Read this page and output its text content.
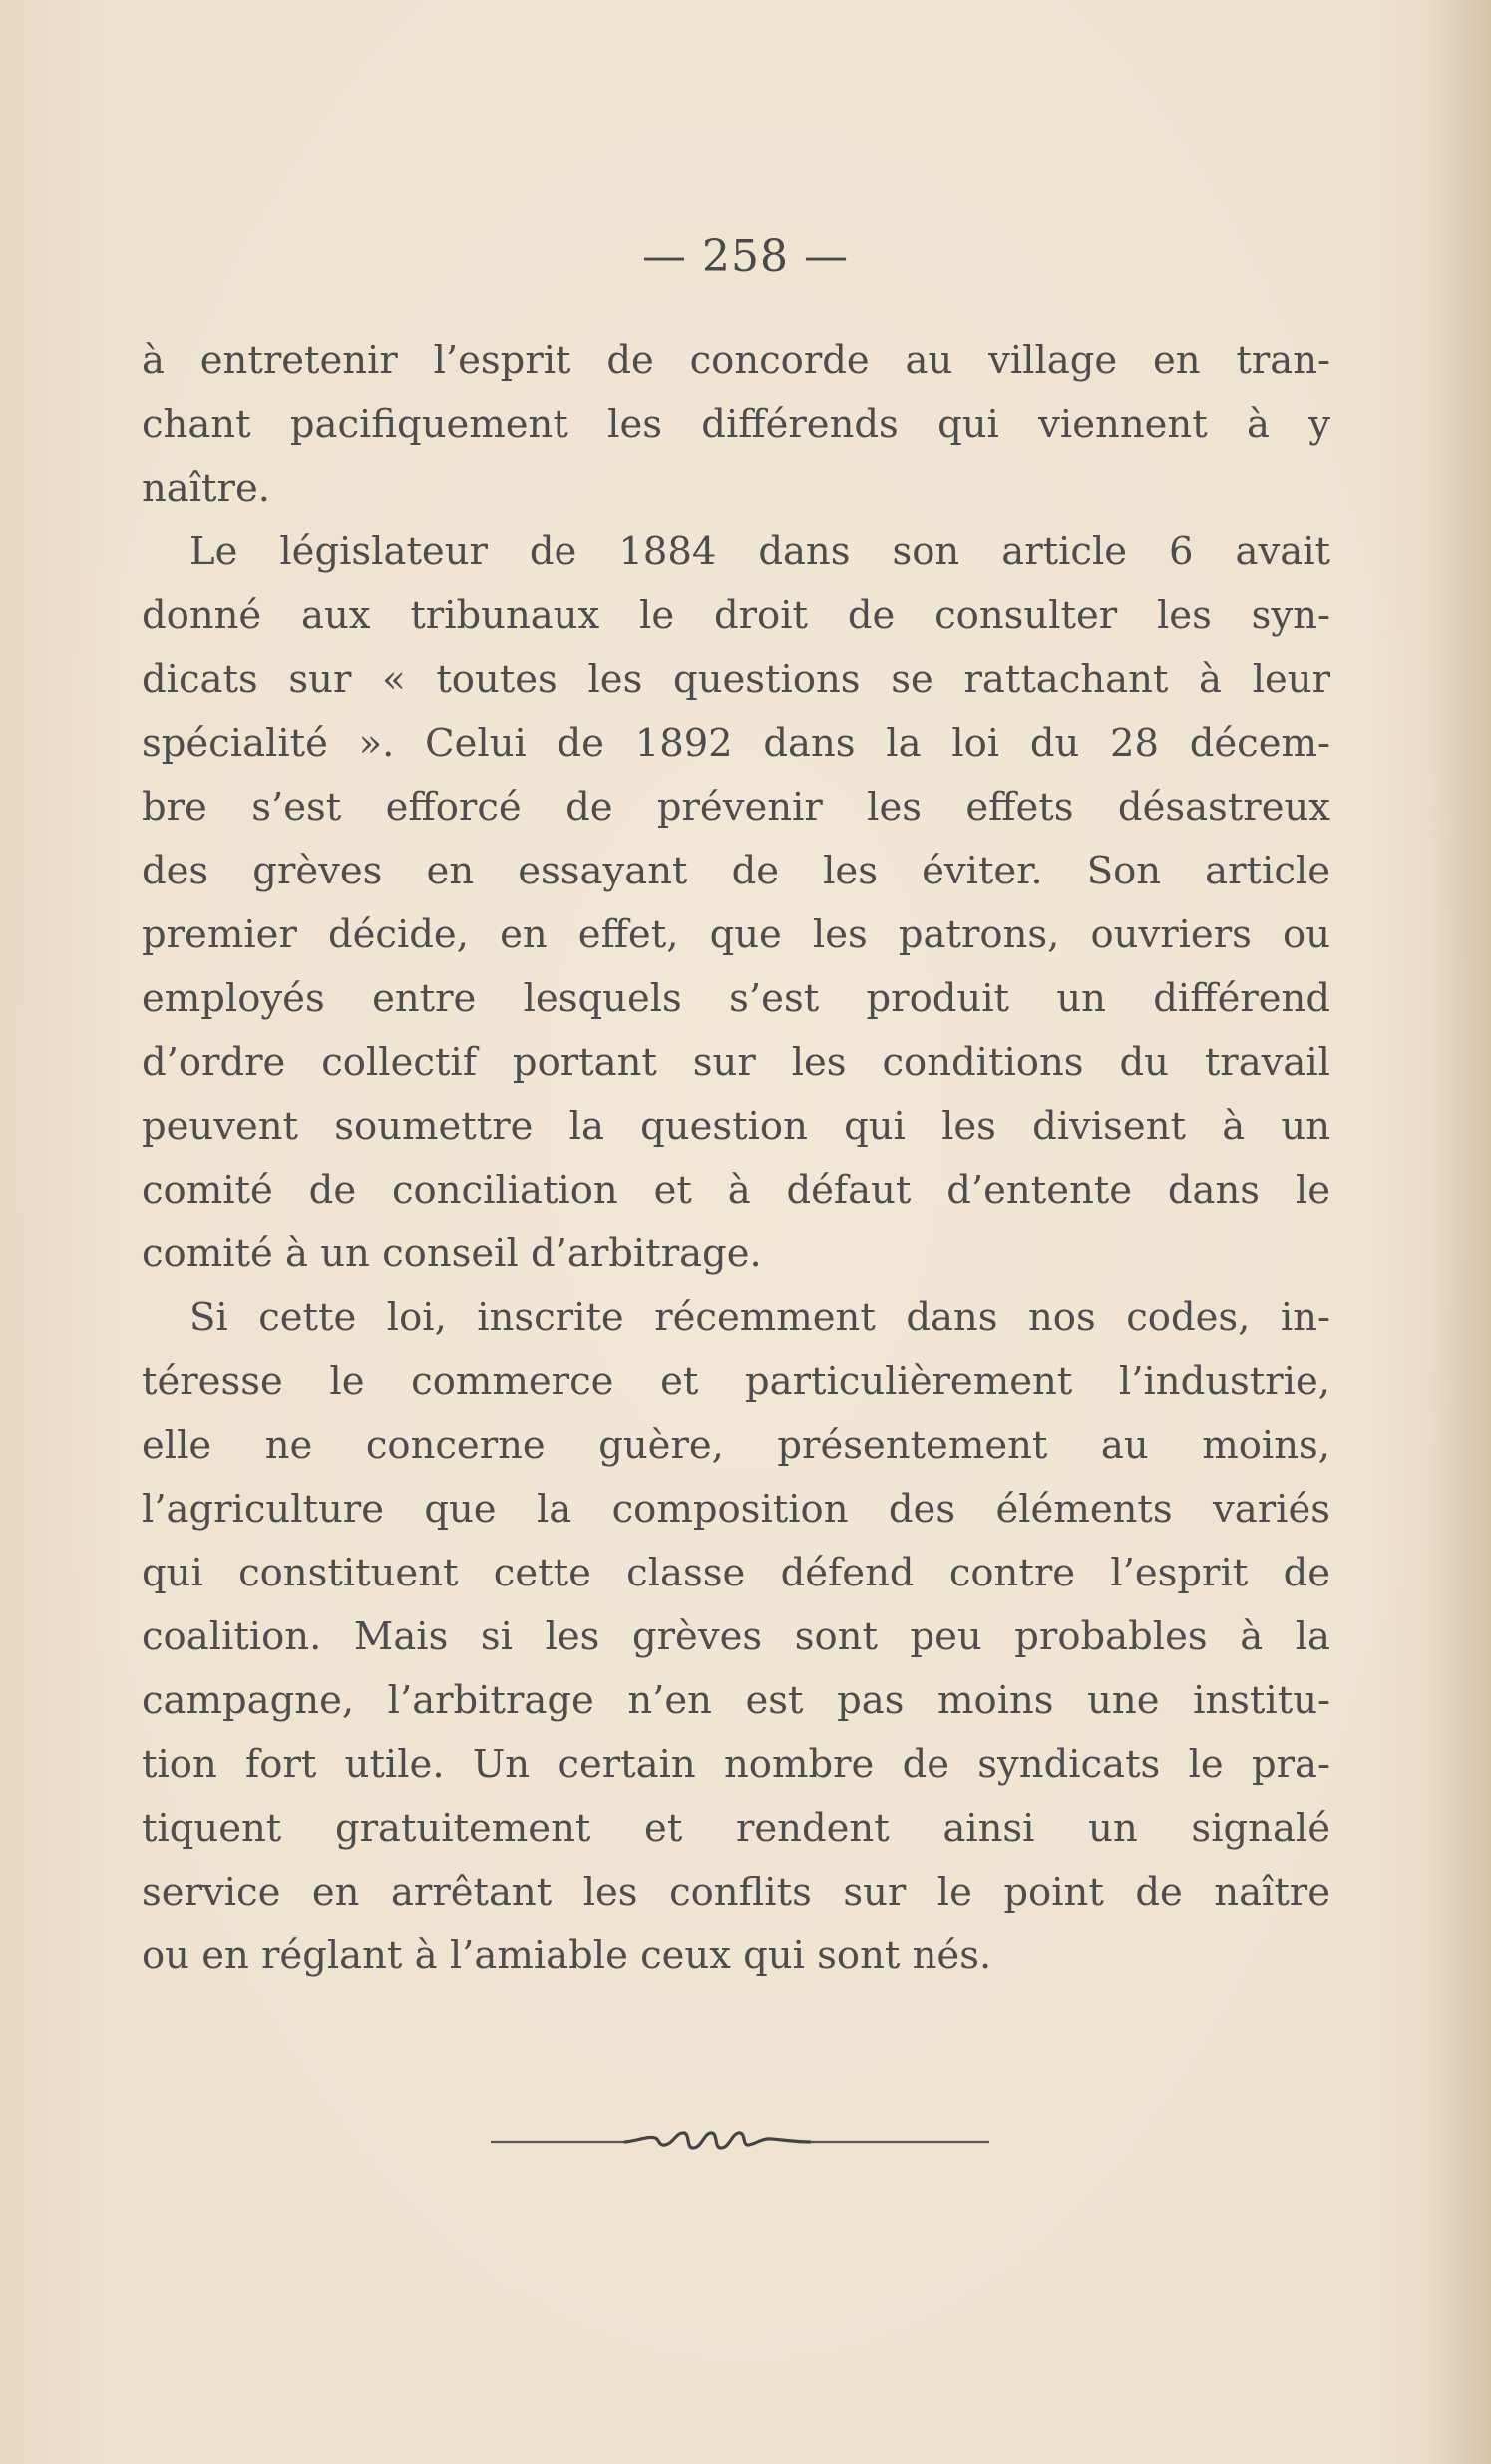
— 258 —
à entretenir l’esprit de concorde au village en tran-
chant pacifiquement les différends qui viennent à y
naître.
Le législateur de 1884 dans son article 6 avait
donné aux tribunaux le droit de consulter les syn-
dicats sur « toutes les questions se rattachant à leur
spécialité ». Celui de 1892 dans la loi du 28 décem-
bre s’est efforcé de prévenir les effets désastreux
des grèves en essayant de les éviter. Son article
premier décide, en effet, que les patrons, ouvriers ou
employés entre lesquels s’est produit un différend
d’ordre collectif portant sur les conditions du travail
peuvent soumettre la question qui les divisent à un
comité de conciliation et à défaut d’entente dans le
comité à un conseil d’arbitrage.
Si cette loi, inscrite récemment dans nos codes, in-
téresse le commerce et particulièrement l’industrie,
elle ne concerne guère, présentement au moins,
l’agriculture que la composition des éléments variés
qui constituent cette classe défend contre l’esprit de
coalition. Mais si les grèves sont peu probables à la
campagne, l’arbitrage n’en est pas moins une institu-
tion fort utile. Un certain nombre de syndicats le pra-
tiquent gratuitement et rendent ainsi un signalé
service en arrêtant les conflits sur le point de naître
ou en réglant à l’amiable ceux qui sont nés.
